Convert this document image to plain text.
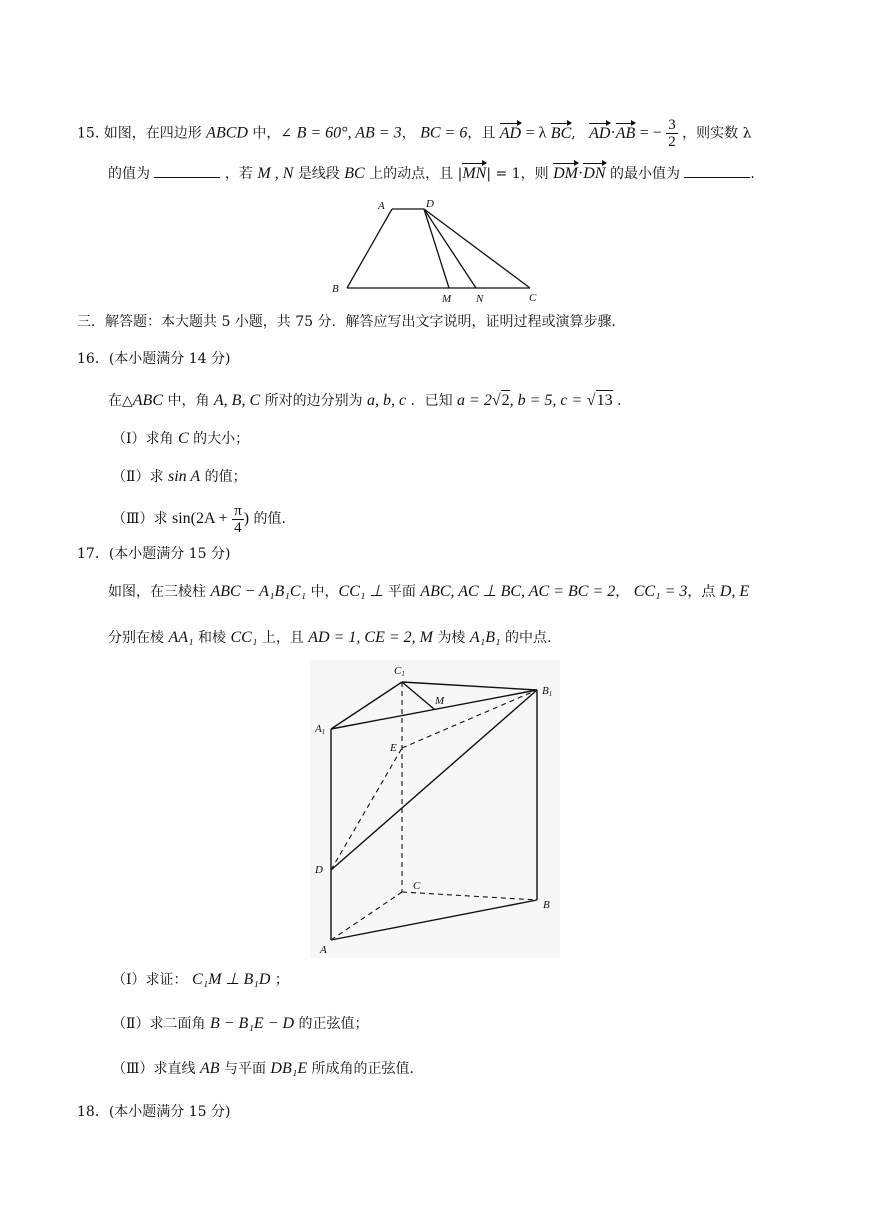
15. 如图，在四边形 ABCD 中，∠ B = 60°, AB = 3， BC = 6，且 AD = λ BC,   AD·AB = − $\frac{3}{2}$ ，则实数 λ
的值为	，若 M , N 是线段 BC 上的动点，且 |MN| = 1，则 DM·DN 的最小值为	.
A	D
B
M N	C
三．解答题：本大题共 5 小题，共 75 分．解答应写出文字说明，证明过程或演算步骤．
16．(本小题满分 14 分)
在△ABC 中，角 A, B, C 所对的边分别为 a, b, c ．已知 a = 2√2, b = 5, c = √13 .
（Ⅰ）求角 C 的大小；
（Ⅱ）求 sin A 的值；
（Ⅲ）求 $\sin(2A + \frac{\pi}{4}$ ) 的值.
17．(本小题满分 15 分)
如图，在三棱柱 ABC − A₁B₁C₁ 中，CC₁ ⊥ 平面 ABC, AC ⊥ BC, AC = BC = 2， CC₁ = 3，点 D, E
分别在棱 AA₁ 和棱 CC₁ 上，且 AD = 1, CE = 2, M 为棱 A₁B₁ 的中点.
C1
M
B1
A1
E
D
C
B
A
（Ⅰ）求证： C₁M ⊥ B₁D ；
（Ⅱ）求二面角 B − B₁E − D 的正弦值；
（Ⅲ）求直线 AB 与平面 DB₁E 所成角的正弦值.
18．(本小题满分 15 分)
